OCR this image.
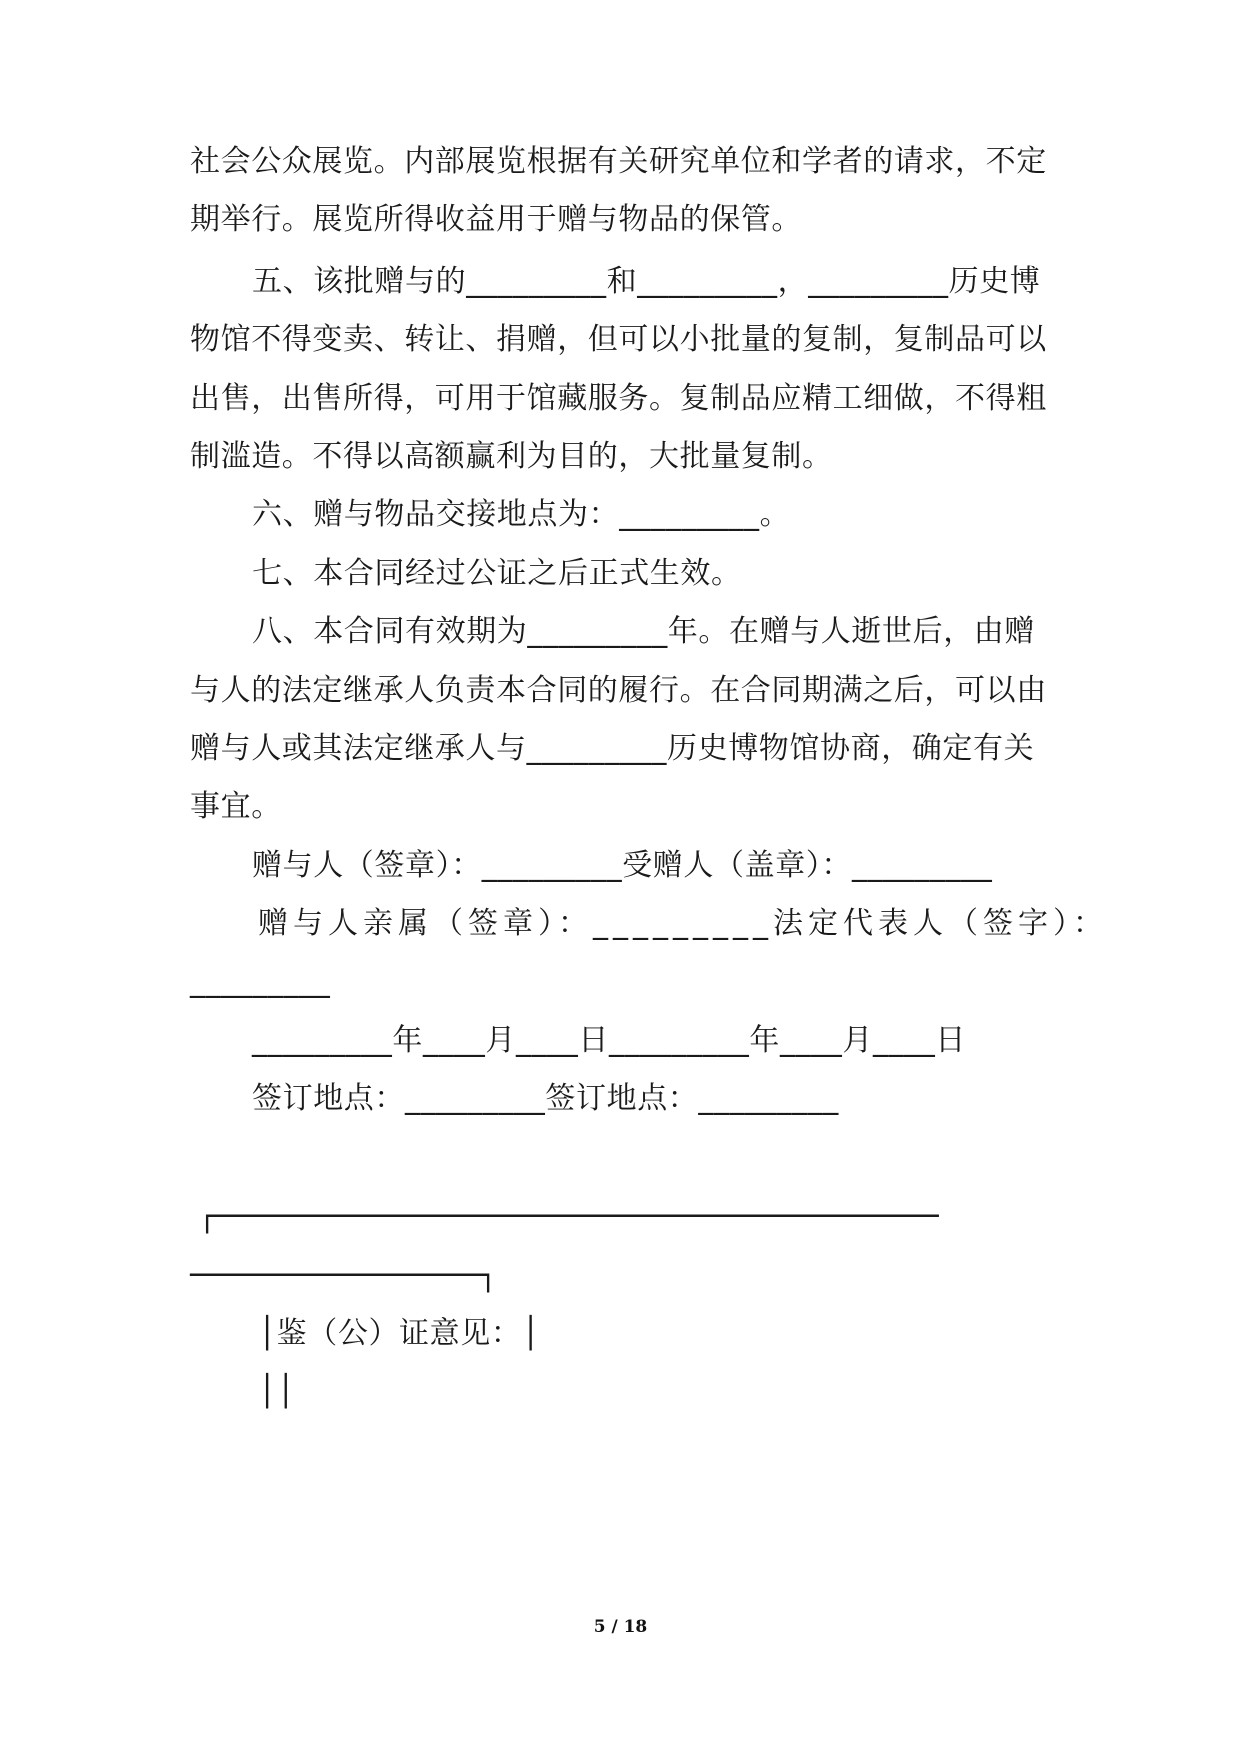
社会公众展览。内部展览根据有关研究单位和学者的请求，不定
期举行。展览所得收益用于赠与物品的保管。
五、该批赠与的_________和_________，_________历史博
物馆不得变卖、转让、捐赠，但可以小批量的复制，复制品可以
出售，出售所得，可用于馆藏服务。复制品应精工细做，不得粗
制滥造。不得以高额赢利为目的，大批量复制。
六、赠与物品交接地点为：_________。
七、本合同经过公证之后正式生效。
八、本合同有效期为_________年。在赠与人逝世后，由赠
与人的法定继承人负责本合同的履行。在合同期满之后，可以由
赠与人或其法定继承人与_________历史博物馆协商，确定有关
事宜。
赠与人（签章）：_________受赠人（盖章）：_________
赠与人亲属（签章）：_________法定代表人（签字）：
_________
_________年____月____日_________年____月____日
签订地点：_________签订地点：_________
┌────────────────────────────────────────
────────────────┐
│鉴（公）证意见：│
││
5 / 18
